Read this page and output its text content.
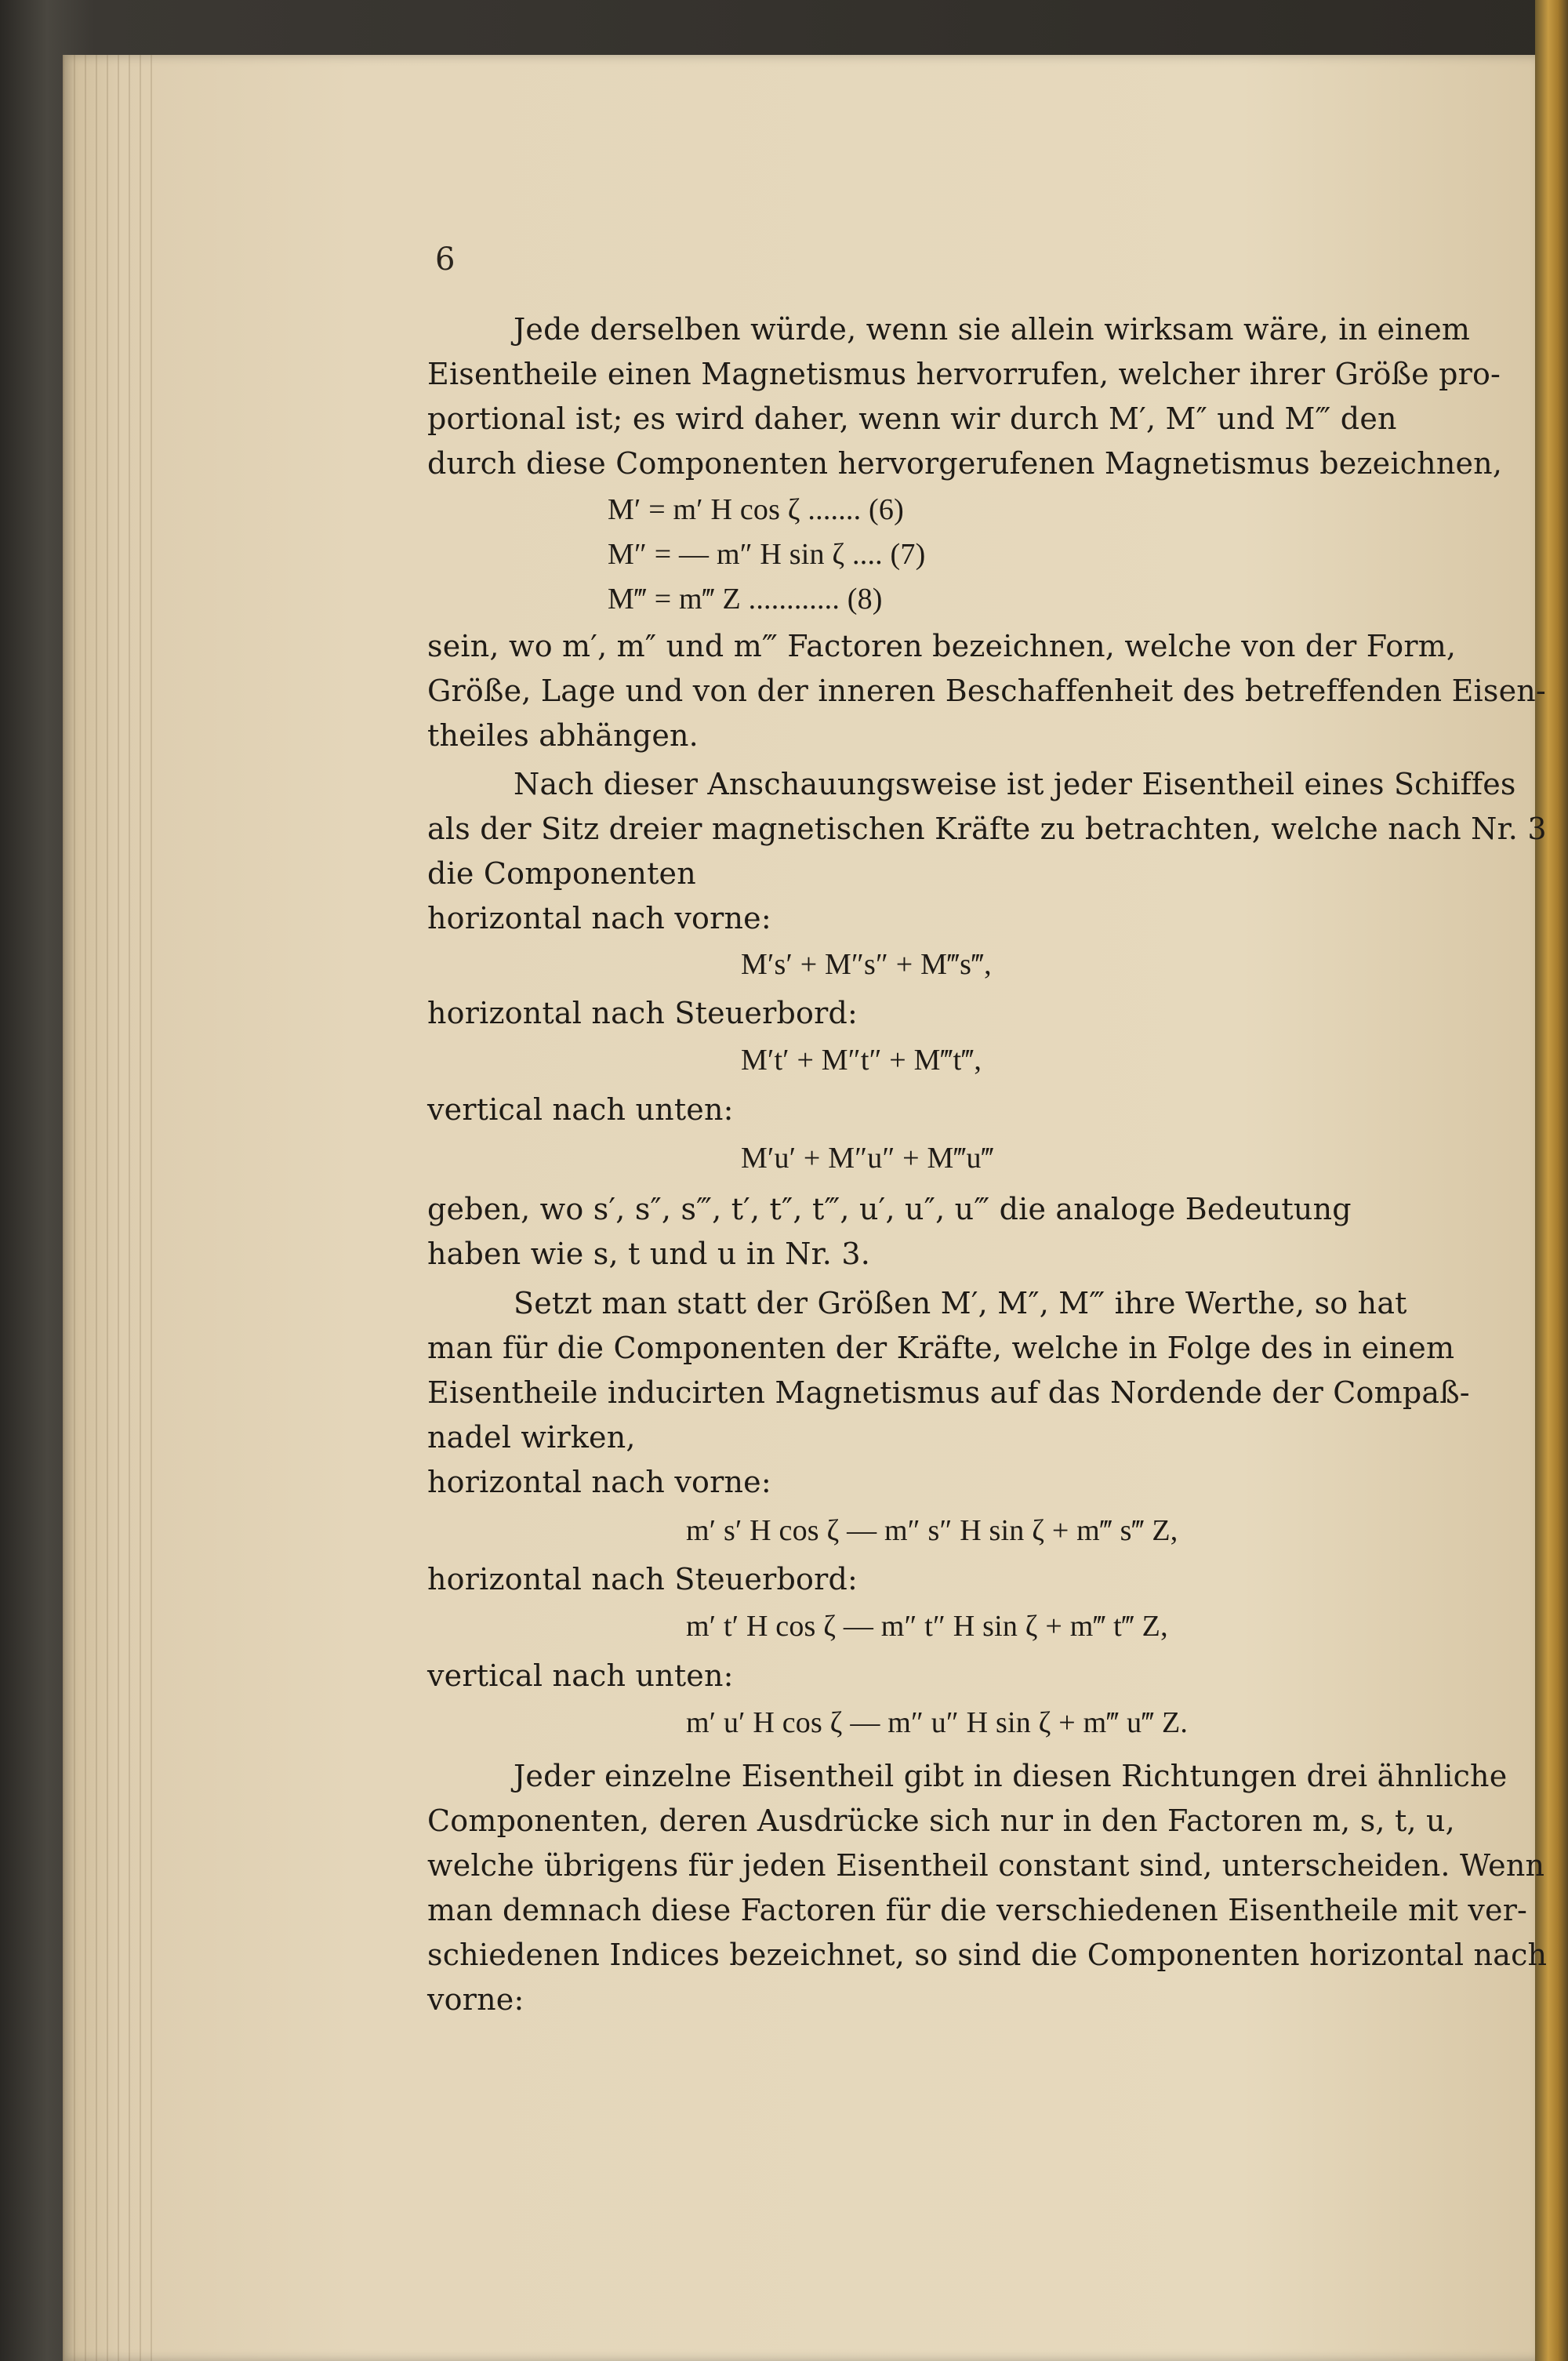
6
Jede derselben würde, wenn sie allein wirksam wäre, in einem
Eisentheile einen Magnetismus hervorrufen, welcher ihrer Größe pro-
portional ist; es wird daher, wenn wir durch M′, M″ und M‴ den
durch diese Componenten hervorgerufenen Magnetismus bezeichnen,
M′ = m′ H cos ζ ....... (6)
M″ = — m″ H sin ζ .... (7)
M‴ = m‴ Z ............ (8)
sein, wo m′, m″ und m‴ Factoren bezeichnen, welche von der Form,
Größe, Lage und von der inneren Beschaffenheit des betreffenden Eisen-
theiles abhängen.
Nach dieser Anschauungsweise ist jeder Eisentheil eines Schiffes
als der Sitz dreier magnetischen Kräfte zu betrachten, welche nach Nr. 3
die Componenten
horizontal nach vorne:
M′s′ + M″s″ + M‴s‴,
horizontal nach Steuerbord:
M′t′ + M″t″ + M‴t‴,
vertical nach unten:
M′u′ + M″u″ + M‴u‴
geben, wo s′, s″, s‴, t′, t″, t‴, u′, u″, u‴ die analoge Bedeutung
haben wie s, t und u in Nr. 3.
Setzt man statt der Größen M′, M″, M‴ ihre Werthe, so hat
man für die Componenten der Kräfte, welche in Folge des in einem
Eisentheile inducirten Magnetismus auf das Nordende der Compaß-
nadel wirken,
horizontal nach vorne:
m′ s′ H cos ζ — m″ s″ H sin ζ + m‴ s‴ Z,
horizontal nach Steuerbord:
m′ t′ H cos ζ — m″ t″ H sin ζ + m‴ t‴ Z,
vertical nach unten:
m′ u′ H cos ζ — m″ u″ H sin ζ + m‴ u‴ Z.
Jeder einzelne Eisentheil gibt in diesen Richtungen drei ähnliche
Componenten, deren Ausdrücke sich nur in den Factoren m, s, t, u,
welche übrigens für jeden Eisentheil constant sind, unterscheiden. Wenn
man demnach diese Factoren für die verschiedenen Eisentheile mit ver-
schiedenen Indices bezeichnet, so sind die Componenten horizontal nach
vorne:
